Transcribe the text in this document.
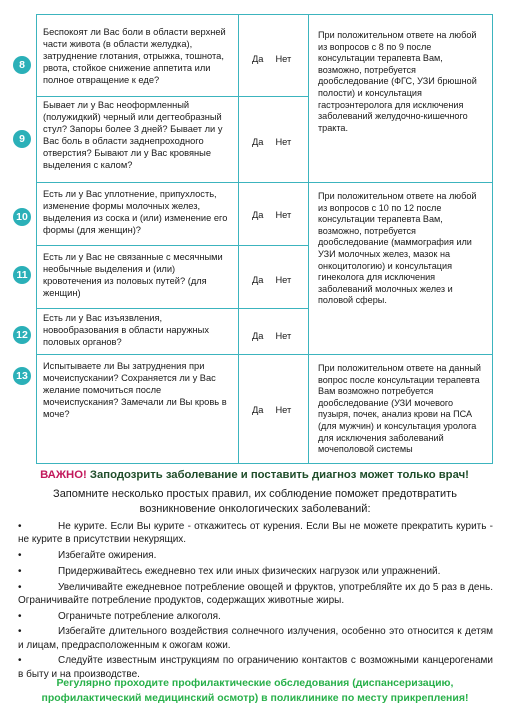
8
Беспокоят ли Вас боли в области верхней части живота (в области желудка), затруднение глотания, отрыжка, тошнота, рвота, стойкое снижение аппетита или полное отвращение к еде?
Да Нет
9
Бывает ли у Вас неоформленный (полужидкий) черный или дегтеобразный стул? Запоры более 3 дней? Бывает ли у Вас боль в области заднепроходного отверстия? Бывают ли у Вас кровяные выделения с калом?
Да Нет
При положительном ответе на любой из вопросов с 8 по 9 после консультации терапевта Вам, возможно, потребуется дообследование (ФГС, УЗИ брюшной полости) и консультация гастроэнтеролога для исключения заболеваний желудочно-кишечного тракта.
10
Есть ли у Вас уплотнение, припухлость, изменение формы молочных желез, выделения из соска и (или) изменение его формы (для женщин)?
Да Нет
11
Есть ли у Вас не связанные с месячными необычные выделения и (или) кровотечения из половых путей? (для женщин)
Да Нет
12
Есть ли у Вас изъязвления, новообразования в области наружных половых органов?
Да Нет
При положительном ответе на любой из вопросов с 10 по 12 после консультации терапевта Вам, возможно, потребуется дообследование (маммография или УЗИ молочных желез, мазок на онкоцитологию) и консультация гинеколога для исключения заболеваний молочных желез и половой сферы.
13
Испытываете ли Вы затруднения при мочеиспускании? Сохраняется ли у Вас желание помочиться после мочеиспускания? Замечали ли Вы кровь в моче?	Да Нет
При положительном ответе на данный вопрос после консультации терапевта Вам возможно потребуется дообследование (УЗИ мочевого пузыря, почек, анализ крови на ПСА (для мужчин) и консультация уролога для исключения заболеваний мочеполовой системы
ВАЖНО! Заподозрить заболевание и поставить диагноз может только врач!
Запомните несколько простых правил, их соблюдение поможет предотвратить возникновение онкологических заболеваний:
•	Не курите. Если Вы курите - откажитесь от курения. Если Вы не можете прекратить курить - не курите в присутствии некурящих.
•	Избегайте ожирения.
•	Придерживайтесь ежедневно тех или иных физических нагрузок или упражнений.
•	Увеличивайте ежедневное потребление овощей и фруктов, употребляйте их до 5 раз в день. Ограничивайте потребление продуктов, содержащих животные жиры.
•	Ограничьте потребление алкоголя.
•	Избегайте длительного воздействия солнечного излучения, особенно это относится к детям и лицам, предрасположенным к ожогам кожи.
•	Следуйте известным инструкциям по ограничению контактов с возможными канцерогенами в быту и на производстве.
Регулярно проходите профилактические обследования (диспансеризацию, профилактический медицинский осмотр) в поликлинике по месту прикрепления!
